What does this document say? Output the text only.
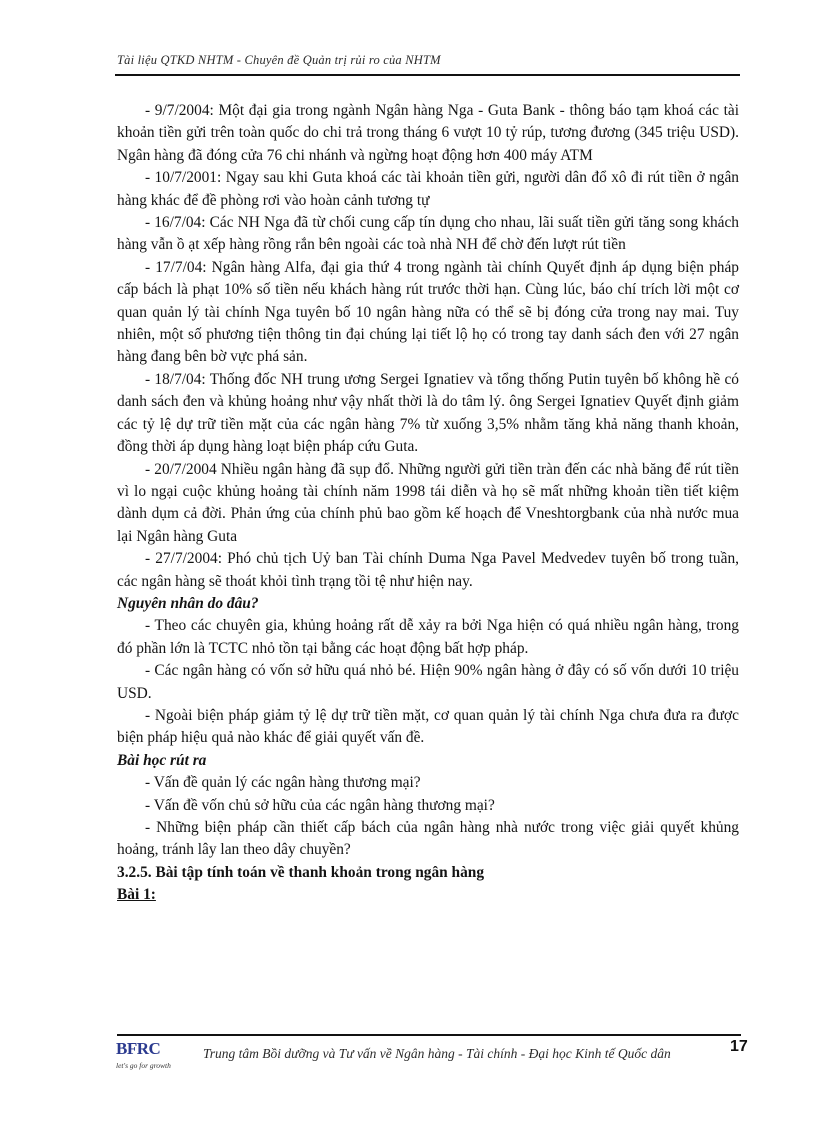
Tài liệu QTKD NHTM - Chuyên đề Quản trị rủi ro của NHTM

- 9/7/2004: Một đại gia trong ngành Ngân hàng Nga - Guta Bank - thông báo tạm khoá các tài khoản tiền gửi trên toàn quốc do chi trả trong tháng 6 vượt 10 tỷ rúp, tương đương (345 triệu USD). Ngân hàng đã đóng cửa 76 chi nhánh và ngừng hoạt động hơn 400 máy ATM

- 10/7/2001: Ngay sau khi Guta khoá các tài khoản tiền gửi, người dân đổ xô đi rút tiền ở ngân hàng khác để đề phòng rơi vào hoàn cảnh tương tự

- 16/7/04: Các NH Nga đã từ chối cung cấp tín dụng cho nhau, lãi suất tiền gửi tăng song khách hàng vẫn ồ ạt xếp hàng rồng rắn bên ngoài các toà nhà NH để chờ đến lượt rút tiền

- 17/7/04: Ngân hàng Alfa, đại gia thứ 4 trong ngành tài chính Quyết định áp dụng biện pháp cấp bách là phạt 10% số tiền nếu khách hàng rút trước thời hạn. Cùng lúc, báo chí trích lời một cơ quan quản lý tài chính Nga tuyên bố 10 ngân hàng nữa có thể sẽ bị đóng cửa trong nay mai. Tuy nhiên, một số phương tiện thông tin đại chúng lại tiết lộ họ có trong tay danh sách đen với 27 ngân hàng đang bên bờ vực phá sản.

- 18/7/04: Thống đốc NH trung ương Sergei Ignatiev và tổng thống Putin tuyên bố không hề có danh sách đen và khủng hoảng như vậy nhất thời là do tâm lý. ông Sergei Ignatiev Quyết định giảm các tỷ lệ dự trữ tiền mặt của các ngân hàng 7% từ xuống 3,5% nhằm tăng khả năng thanh khoản, đồng thời áp dụng hàng loạt biện pháp cứu Guta.

- 20/7/2004 Nhiều ngân hàng đã sụp đổ. Những người gửi tiền tràn đến các nhà băng để rút tiền vì lo ngại cuộc khủng hoảng tài chính năm 1998 tái diễn và họ sẽ mất những khoản tiền tiết kiệm dành dụm cả đời. Phản ứng của chính phủ bao gồm kế hoạch để Vneshtorgbank của nhà nước mua lại Ngân hàng Guta

- 27/7/2004: Phó chủ tịch Uỷ ban Tài chính Duma Nga Pavel Medvedev tuyên bố trong tuần, các ngân hàng sẽ thoát khỏi tình trạng tồi tệ như hiện nay.

Nguyên nhân do đâu?

- Theo các chuyên gia, khủng hoảng rất dễ xảy ra bởi Nga hiện có quá nhiều ngân hàng, trong đó phần lớn là TCTC nhỏ tồn tại bằng các hoạt động bất hợp pháp.

- Các ngân hàng có vốn sở hữu quá nhỏ bé. Hiện 90% ngân hàng ở đây có số vốn dưới 10 triệu USD.

- Ngoài biện pháp giảm tỷ lệ dự trữ tiền mặt, cơ quan quản lý tài chính Nga chưa đưa ra được biện pháp hiệu quả nào khác để giải quyết vấn đề.

Bài học rút ra

- Vấn đề quản lý các ngân hàng thương mại?

- Vấn đề vốn chủ sở hữu của các ngân hàng thương mại?

- Những biện pháp cần thiết cấp bách của ngân hàng nhà nước trong việc giải quyết khủng hoảng, tránh lây lan theo dây chuyền?

3.2.5. Bài tập tính toán về thanh khoản trong ngân hàng
Bài 1:
BFRC
let's go for growth
Trung tâm Bồi dưỡng và Tư vấn về Ngân hàng - Tài chính - Đại học Kinh tế Quốc dân	17
